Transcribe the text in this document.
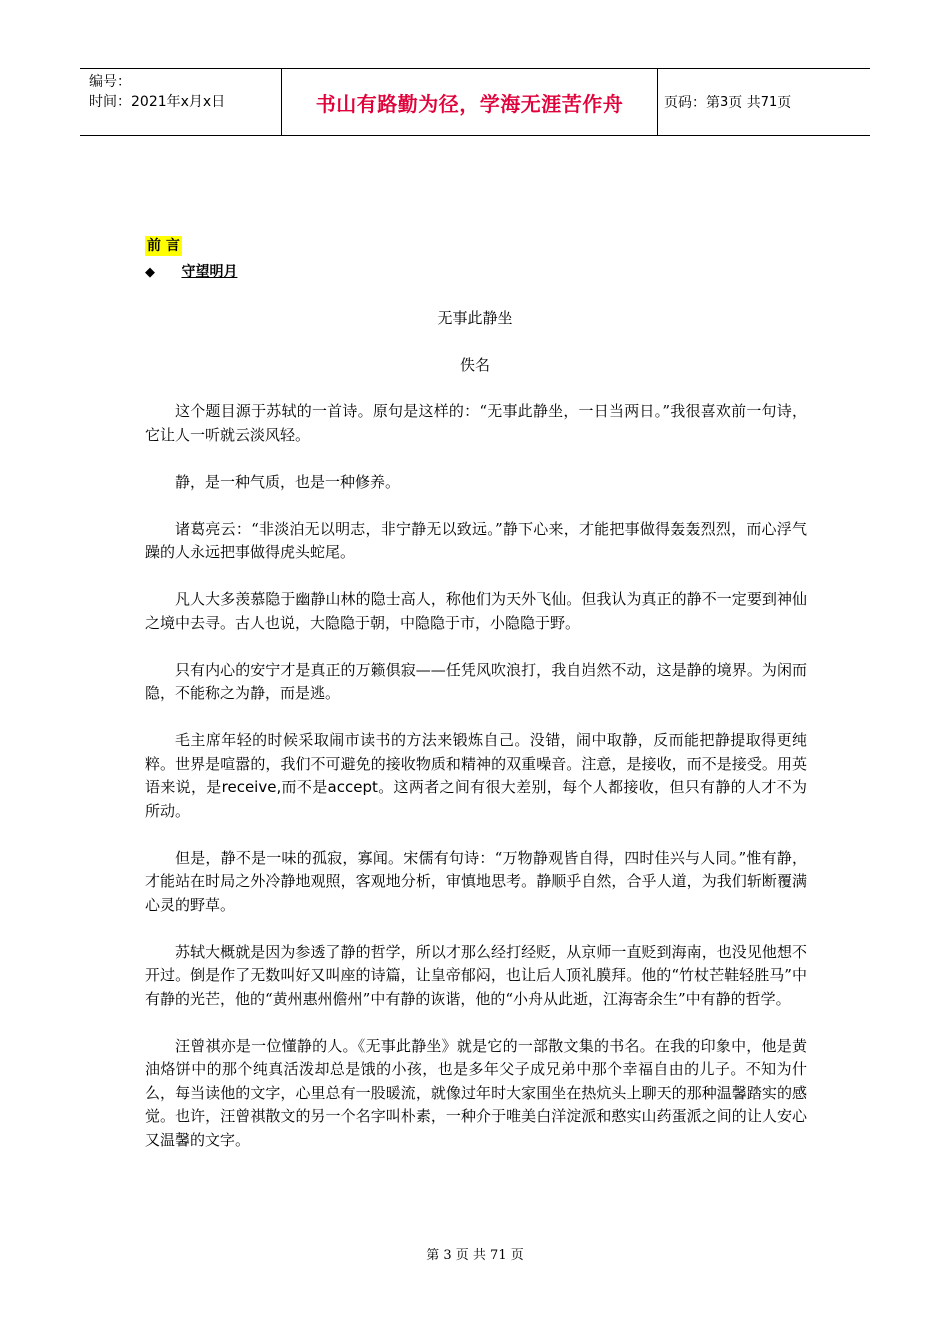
编号：
时间：2021年x月x日	书山有路勤为径，学海无涯苦作舟	页码：第 3 页 共 71 页
前 言
◆ 守望明月
无事此静坐
佚名

这个题目源于苏轼的一首诗。原句是这样的：“无事此静坐，一日当两日。”我很喜欢前一句诗，它让人一听就云淡风轻。

静，是一种气质，也是一种修养。

诸葛亮云：“非淡泊无以明志，非宁静无以致远。”静下心来，才能把事做得轰轰烈烈，而心浮气躁的人永远把事做得虎头蛇尾。

凡人大多羡慕隐于幽静山林的隐士高人，称他们为天外飞仙。但我认为真正的静不一定要到神仙之境中去寻。古人也说，大隐隐于朝，中隐隐于市，小隐隐于野。

只有内心的安宁才是真正的万籁俱寂——任凭风吹浪打，我自岿然不动，这是静的境界。为闲而隐，不能称之为静，而是逃。

毛主席年轻的时候采取闹市读书的方法来锻炼自己。没错，闹中取静，反而能把静提取得更纯粹。世界是喧嚣的，我们不可避免的接收物质和精神的双重噪音。注意，是接收，而不是接受。用英语来说，是receive,而不是accept。这两者之间有很大差别，每个人都接收，但只有静的人才不为所动。

但是，静不是一味的孤寂，寡闻。宋儒有句诗：“万物静观皆自得，四时佳兴与人同。”惟有静，才能站在时局之外冷静地观照，客观地分析，审慎地思考。静顺乎自然，合乎人道，为我们斩断覆满心灵的野草。

苏轼大概就是因为参透了静的哲学，所以才那么经打经贬，从京师一直贬到海南，也没见他想不开过。倒是作了无数叫好又叫座的诗篇，让皇帝郁闷，也让后人顶礼膜拜。他的“竹杖芒鞋轻胜马”中有静的光芒，他的“黄州惠州儋州”中有静的诙谐，他的“小舟从此逝，江海寄余生”中有静的哲学。

汪曾祺亦是一位懂静的人。《无事此静坐》就是它的一部散文集的书名。在我的印象中，他是黄油烙饼中的那个纯真活泼却总是饿的小孩，也是多年父子成兄弟中那个幸福自由的儿子。不知为什么，每当读他的文字，心里总有一股暖流，就像过年时大家围坐在热炕头上聊天的那种温馨踏实的感觉。也许，汪曾祺散文的另一个名字叫朴素，一种介于唯美白洋淀派和憨实山药蛋派之间的让人安心又温馨的文字。

第 3 页 共 71 页
